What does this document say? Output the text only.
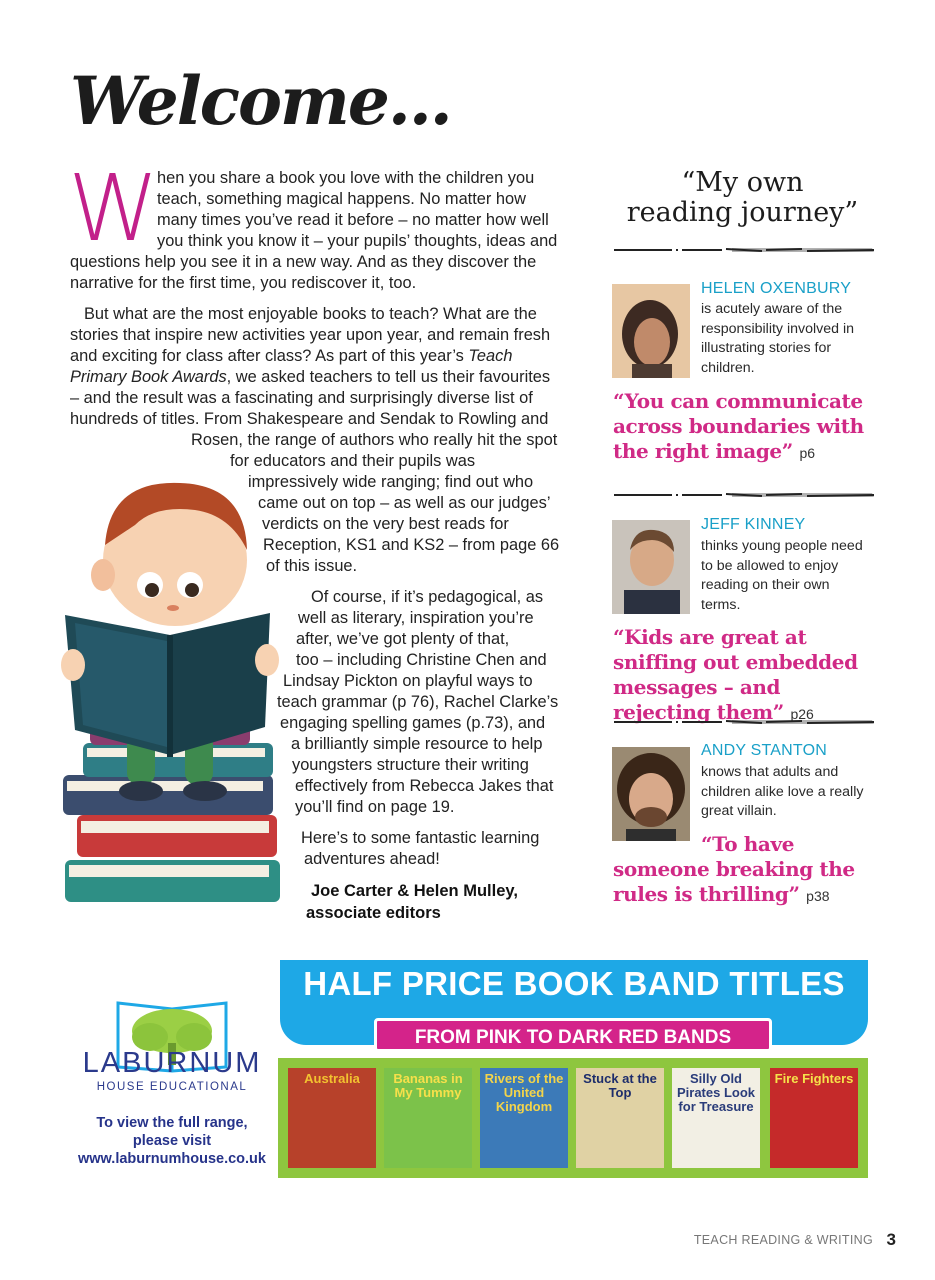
Welcome...
W
hen you share a book you love with the children you
teach, something magical happens. No matter how
many times you’ve read it before – no matter how well
you think you know it – your pupils’ thoughts, ideas and
questions help you see it in a new way. And as they discover the
narrative for the first time, you rediscover it, too.
But what are the most enjoyable books to teach? What are the
stories that inspire new activities year upon year, and remain fresh
and exciting for class after class? As part of this year’s Teach
Primary Book Awards, we asked teachers to tell us their favourites
– and the result was a fascinating and surprisingly diverse list of
hundreds of titles. From Shakespeare and Sendak to Rowling and
Rosen, the range of authors who really hit the spot
for educators and their pupils was
impressively wide ranging; find out who
came out on top – as well as our judges’
verdicts on the very best reads for
Reception, KS1 and KS2 – from page 66
of this issue.
Of course, if it’s pedagogical, as
well as literary, inspiration you’re
after, we’ve got plenty of that,
too – including Christine Chen and
Lindsay Pickton on playful ways to
teach grammar (p 76), Rachel Clarke’s
engaging spelling games (p.73), and
a brilliantly simple resource to help
youngsters structure their writing
effectively from Rebecca Jakes that
you’ll find on page 19.
Here’s to some fantastic learning
adventures ahead!
Joe Carter & Helen Mulley,
associate editors
“My own
reading journey”
HELEN OXENBURY
is acutely aware of the responsibility involved in illustrating stories for children.
“You can communicate across boundaries with the right image” p6
JEFF KINNEY
thinks young people need to be allowed to enjoy reading on their own terms.
“Kids are great at sniffing out embedded messages – and rejecting them” p26
ANDY STANTON
knows that adults and children alike love a really great villain.
“To have someone breaking the rules is thrilling” p38
LABURNUM
HOUSE EDUCATIONAL
To view the full range,
please visit
www.laburnumhouse.co.uk
HALF PRICE BOOK BAND TITLES
FROM PINK TO DARK RED BANDS
Australia	Bananas in My Tummy
Rivers of the United Kingdom
Stuck at the Top
Silly Old Pirates Look for Treasure
Fire Fighters
TEACH READING & WRITING 3
